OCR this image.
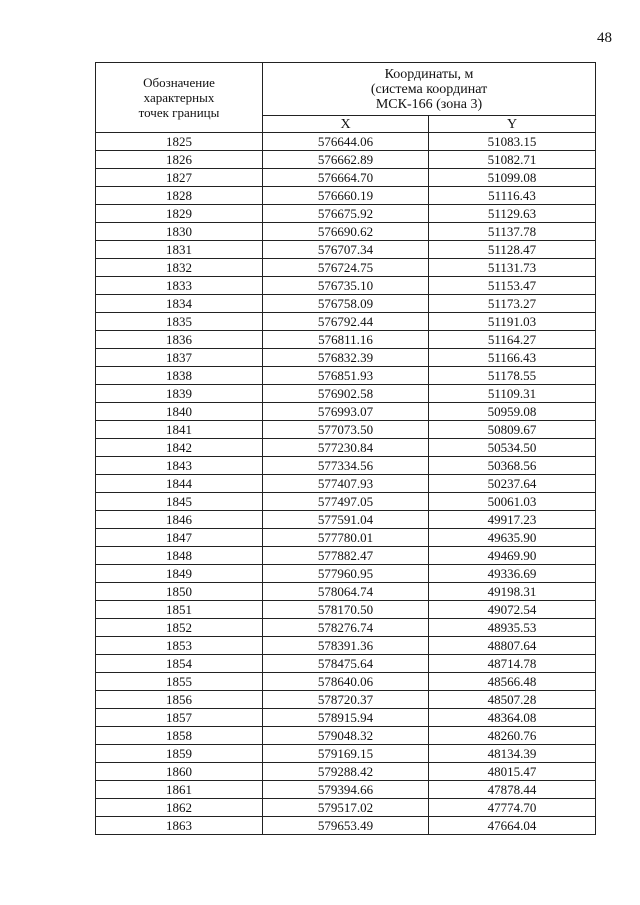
48
Обозначение
характерных
точек границы	Координаты, м
(система координат
МСК-166 (зона 3)	

	X	Y
1825	576644.06	51083.15
1826	576662.89	51082.71
1827	576664.70	51099.08
1828	576660.19	51116.43
1829	576675.92	51129.63
1830	576690.62	51137.78
1831	576707.34	51128.47
1832	576724.75	51131.73
1833	576735.10	51153.47
1834	576758.09	51173.27
1835	576792.44	51191.03
1836	576811.16	51164.27
1837	576832.39	51166.43
1838	576851.93	51178.55
1839	576902.58	51109.31
1840	576993.07	50959.08
1841	577073.50	50809.67
1842	577230.84	50534.50
1843	577334.56	50368.56
1844	577407.93	50237.64
1845	577497.05	50061.03
1846	577591.04	49917.23
1847	577780.01	49635.90
1848	577882.47	49469.90
1849	577960.95	49336.69
1850	578064.74	49198.31
1851	578170.50	49072.54
1852	578276.74	48935.53
1853	578391.36	48807.64
1854	578475.64	48714.78
1855	578640.06	48566.48
1856	578720.37	48507.28
1857	578915.94	48364.08
1858	579048.32	48260.76
1859	579169.15	48134.39
1860	579288.42	48015.47
1861	579394.66	47878.44
1862	579517.02	47774.70
1863	579653.49	47664.04
